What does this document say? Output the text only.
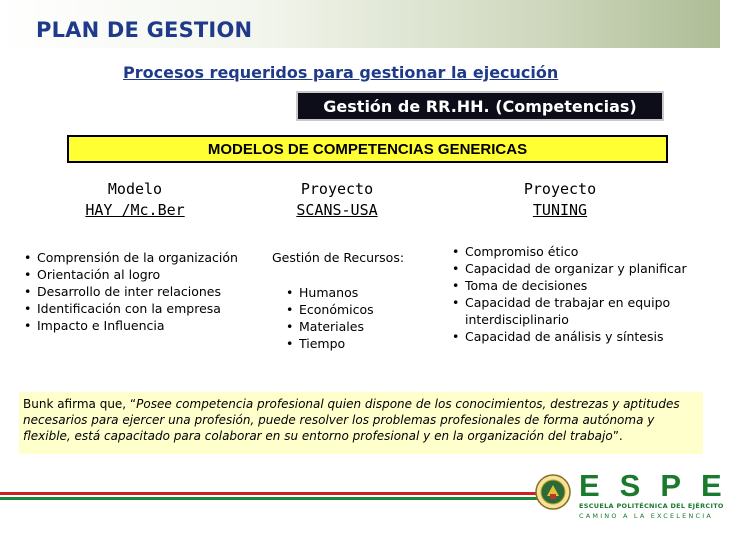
PLAN DE GESTION
Procesos requeridos para gestionar la ejecución
Gestión de RR.HH. (Competencias)
MODELOS DE COMPETENCIAS GENERICAS
Modelo
HAY /Mc.Ber
• Comprensión de la organización
• Orientación al logro
• Desarrollo de inter relaciones
• Identificación con la empresa
• Impacto e Influencia
Proyecto
SCANS-USA
Gestión de Recursos:
• Humanos
• Económicos
• Materiales
• Tiempo
Proyecto
TUNING
• Compromiso ético
• Capacidad de organizar y planificar
• Toma de decisiones
• Capacidad de trabajar en equipo interdisciplinario
• Capacidad de análisis y síntesis
Bunk afirma que, “Posee competencia profesional quien dispone de los conocimientos, destrezas y aptitudes necesarios para ejercer una profesión, puede resolver los problemas profesionales de forma autónoma y flexible, está capacitado para colaborar en su entorno profesional y en la organización del trabajo”.
ESPE
ESCUELA POLITÉCNICA DEL EJÉRCITO
CAMINO A LA EXCELENCIA
